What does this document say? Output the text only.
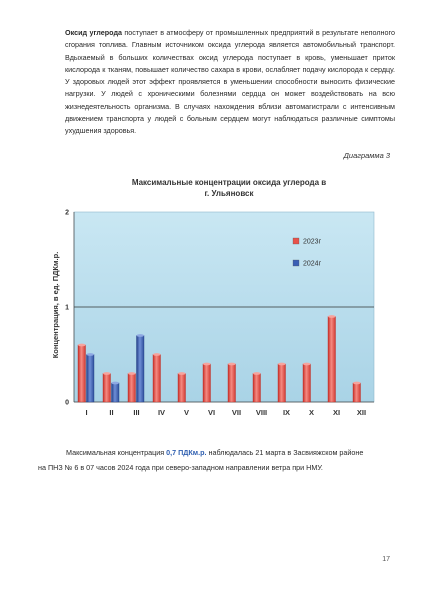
Оксид углерода поступает в атмосферу от промышленных предприятий в результате неполного сгорания топлива. Главным источником оксида углерода является автомобильный транспорт. Вдыхаемый в больших количествах оксид углерода поступает в кровь, уменьшает приток кислорода к тканям, повышает количество сахара в крови, ослабляет подачу кислорода к сердцу. У здоровых людей этот эффект проявляется в уменьшении способности выносить физические нагрузки. У людей с хроническими болезнями сердца он может воздействовать на всю жизнедеятельность организма. В случаях нахождения вблизи автомагистрали с интенсивным движением транспорта у людей с больным сердцем могут наблюдаться различные симптомы ухудшения здоровья.
Диаграмма 3
Максимальные концентрации оксида углерода в
г. Ульяновск
0
1
2
I	II	III IV	V	VI VII VIII IX	X	XI XII
2023г
2024г
Концентрация, в ед. ПДКм.р.
Максимальная концентрация 0,7 ПДКм.р. наблюдалась 21 марта в Засвияжском районе
на ПНЗ № 6 в 07 часов 2024 года при северо-западном направлении ветра при НМУ.
17
